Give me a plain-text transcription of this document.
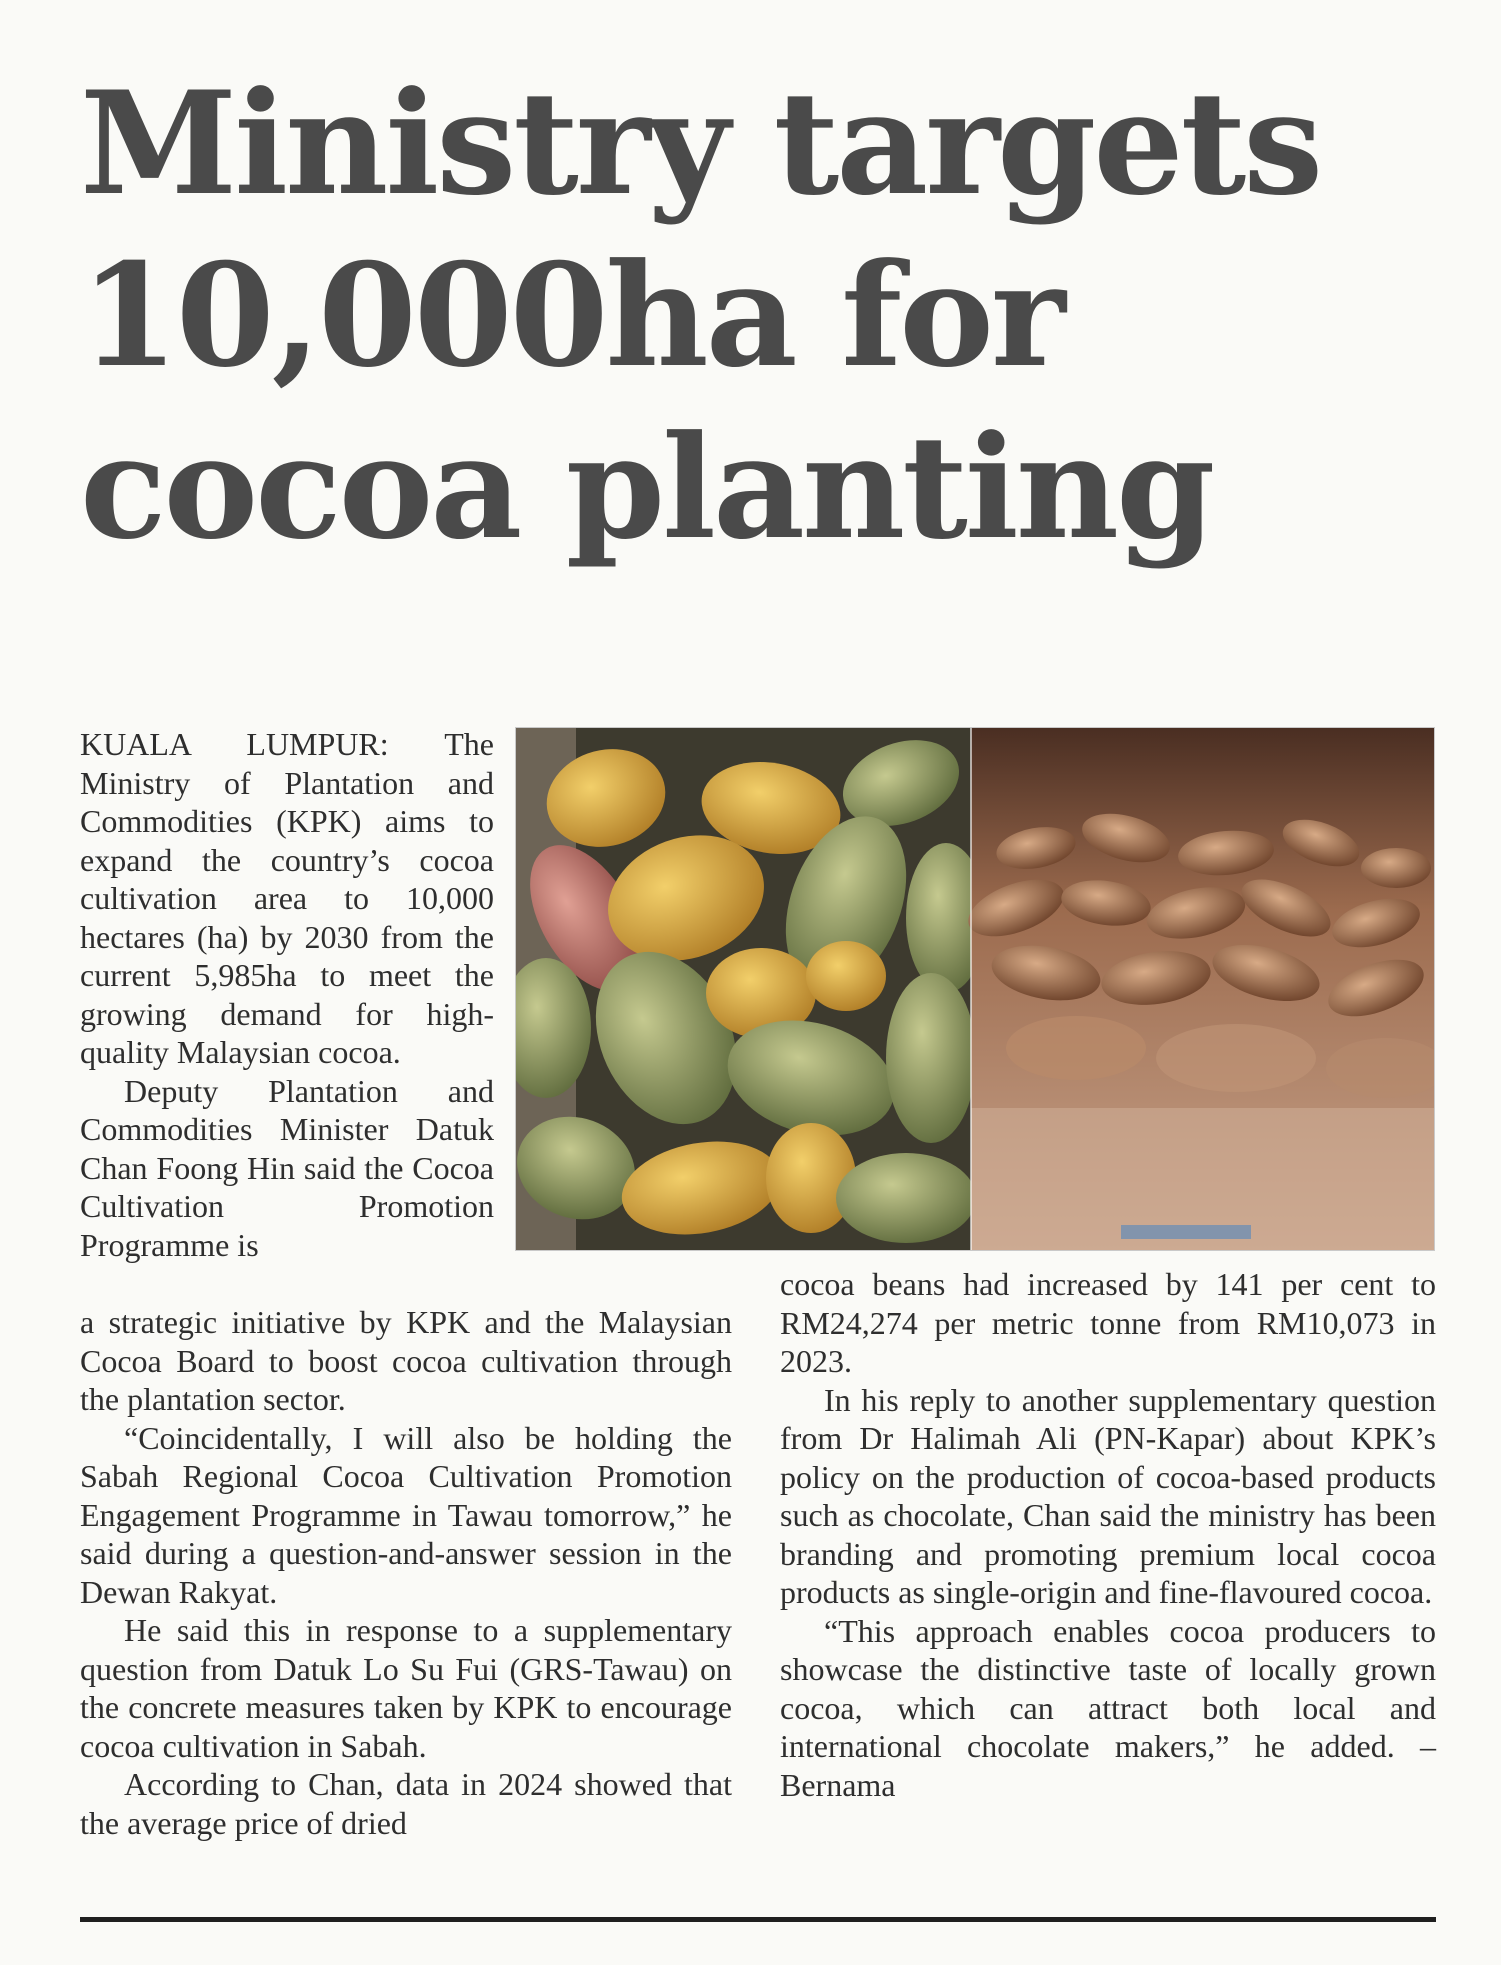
Ministry targets
10,000ha for
cocoa planting

KUALA LUMPUR: The Ministry of Plantation and Commodities (KPK) aims to expand the country’s cocoa cultivation area to 10,000 hectares (ha) by 2030 from the current 5,985ha to meet the growing demand for high-quality Malaysian cocoa.

Deputy Plantation and Commodities Minister Datuk Chan Foong Hin said the Cocoa Cultivation Promotion Programme is

a strategic initiative by KPK and the Malaysian Cocoa Board to boost cocoa cultivation through the plantation sector.

“Coincidentally, I will also be holding the Sabah Regional Cocoa Cultivation Promotion Engagement Programme in Tawau tomorrow,” he said during a question-and-answer session in the Dewan Rakyat.

He said this in response to a supplementary question from Datuk Lo Su Fui (GRS-Tawau) on the concrete measures taken by KPK to encourage cocoa cultivation in Sabah.

According to Chan, data in 2024 showed that the average price of dried

cocoa beans had increased by 141 per cent to RM24,274 per metric tonne from RM10,073 in 2023.

In his reply to another supplementary question from Dr Halimah Ali (PN-Kapar) about KPK’s policy on the production of cocoa-based products such as chocolate, Chan said the ministry has been branding and promoting premium local cocoa products as single-origin and fine-flavoured cocoa.

“This approach enables cocoa producers to showcase the distinctive taste of locally grown cocoa, which can attract both local and international chocolate makers,” he added. –Bernama
